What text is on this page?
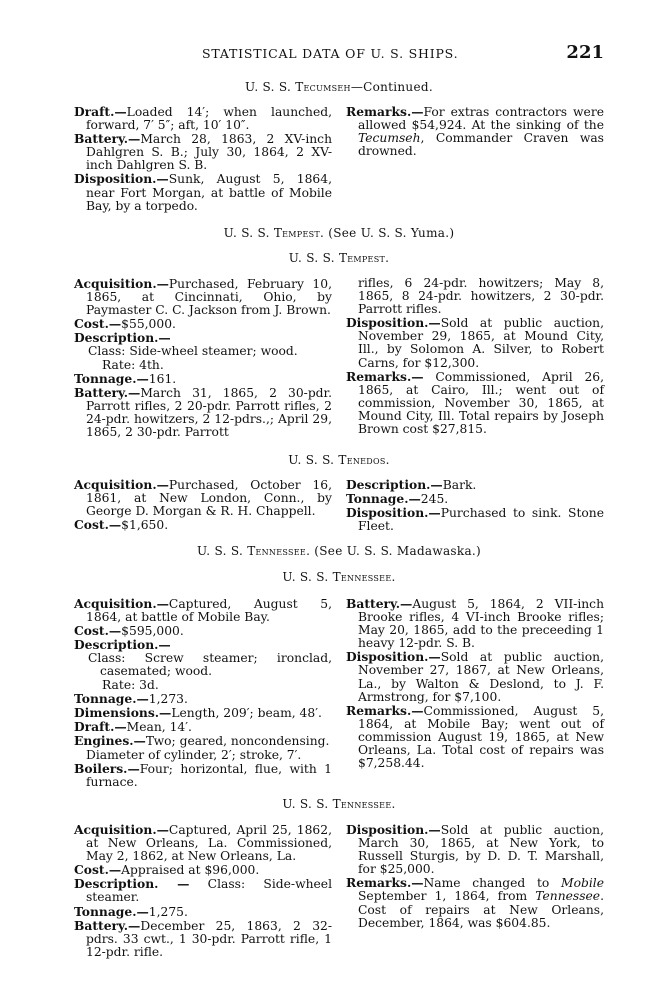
STATISTICAL DATA OF U. S. SHIPS.	221
U. S. S. Tecumseh—Continued.

Draft.—Loaded 14′; when launched, forward, 7′ 5″; aft, 10′ 10″.

Battery.—March 28, 1863, 2 XV-inch Dahlgren S. B.; July 30, 1864, 2 XV-inch Dahlgren S. B.

Disposition.—Sunk, August 5, 1864, near Fort Morgan, at battle of Mobile Bay, by a torpedo.

Remarks.—For extras contractors were allowed $54,924. At the sinking of the Tecumseh, Commander Craven was drowned.

U. S. S. Tempest. (See U. S. S. Yuma.)
U. S. S. Tempest.

Acquisition.—Purchased, February 10, 1865, at Cincinnati, Ohio, by Paymaster C. C. Jackson from J. Brown.

Cost.—$55,000.

Description.—

Class: Side-wheel steamer; wood.

Rate: 4th.

Tonnage.—161.

Battery.—March 31, 1865, 2 30-pdr. Parrott rifles, 2 20-pdr. Parrott rifles, 2 24-pdr. howitzers, 2 12-pdrs.,; April 29, 1865, 2 30-pdr. Parrott

rifles, 6 24-pdr. howitzers; May 8, 1865, 8 24-pdr. howitzers, 2 30-pdr. Parrott rifles.

Disposition.—Sold at public auction, November 29, 1865, at Mound City, Ill., by Solomon A. Silver, to Robert Carns, for $12,300.

Remarks.— Commissioned, April 26, 1865, at Cairo, Ill.; went out of commission, November 30, 1865, at Mound City, Ill. Total repairs by Joseph Brown cost $27,815.

U. S. S. Tenedos.

Acquisition.—Purchased, October 16, 1861, at New London, Conn., by George D. Morgan & R. H. Chappell.

Cost.—$1,650.

Description.—Bark.

Tonnage.—245.

Disposition.—Purchased to sink. Stone Fleet.

U. S. S. Tennessee. (See U. S. S. Madawaska.)
U. S. S. Tennessee.

Acquisition.—Captured, August 5, 1864, at battle of Mobile Bay.

Cost.—$595,000.

Description.—

Class: Screw steamer; ironclad, casemated; wood.

Rate: 3d.

Tonnage.—1,273.

Dimensions.—Length, 209′; beam, 48′.

Draft.—Mean, 14′.

Engines.—Two; geared, noncondensing.

Diameter of cylinder, 2′; stroke, 7′.

Boilers.—Four; horizontal, flue, with 1 furnace.

Battery.—August 5, 1864, 2 VII-inch Brooke rifles, 4 VI-inch Brooke rifles; May 20, 1865, add to the preceeding 1 heavy 12-pdr. S. B.

Disposition.—Sold at public auction, November 27, 1867, at New Orleans, La., by Walton & Deslond, to J. F. Armstrong, for $7,100.

Remarks.—Commissioned, August 5, 1864, at Mobile Bay; went out of commission August 19, 1865, at New Orleans, La. Total cost of repairs was $7,258.44.

U. S. S. Tennessee.

Acquisition.—Captured, April 25, 1862, at New Orleans, La. Commissioned, May 2, 1862, at New Orleans, La.

Cost.—Appraised at $96,000.

Description. — Class: Side-wheel steamer.

Tonnage.—1,275.

Battery.—December 25, 1863, 2 32-pdrs. 33 cwt., 1 30-pdr. Parrott rifle, 1 12-pdr. rifle.

Disposition.—Sold at public auction, March 30, 1865, at New York, to Russell Sturgis, by D. D. T. Marshall, for $25,000.

Remarks.—Name changed to Mobile September 1, 1864, from Tennessee. Cost of repairs at New Orleans, December, 1864, was $604.85.
